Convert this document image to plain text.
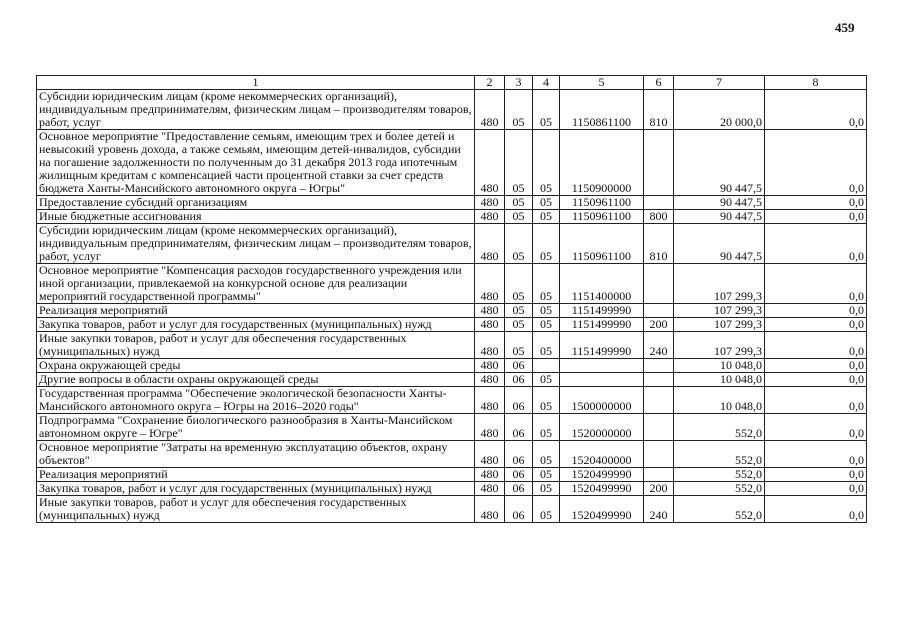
459
1	2	3	4	5	6	7	8
Субсидии юридическим лицам (кроме некоммерческих организаций), индивидуальным предпринимателям, физическим лицам – производителям товаров, работ, услуг	480	05	05	1150861100	810	20 000,0	0,0
Основное мероприятие "Предоставление семьям, имеющим трех и более детей и невысокий уровень дохода, а также семьям, имеющим детей-инвалидов, субсидии на погашение задолженности по полученным до 31 декабря 2013 года ипотечным жилищным кредитам с компенсацией части процентной ставки за счет средств бюджета Ханты-Мансийского автономного округа – Югры"	480	05	05	1150900000		90 447,5	0,0
Предоставление субсидий организациям	480	05	05	1150961100		90 447,5	0,0
Иные бюджетные ассигнования	480	05	05	1150961100	800	90 447,5	0,0
Субсидии юридическим лицам (кроме некоммерческих организаций), индивидуальным предпринимателям, физическим лицам – производителям товаров, работ, услуг	480	05	05	1150961100	810	90 447,5	0,0
Основное мероприятие "Компенсация расходов государственного учреждения или иной организации, привлекаемой на конкурсной основе для реализации мероприятий государственной программы"	480	05	05	1151400000		107 299,3	0,0
Реализация мероприятий	480	05	05	1151499990		107 299,3	0,0
Закупка товаров, работ и услуг для государственных (муниципальных) нужд	480	05	05	1151499990	200	107 299,3	0,0
Иные закупки товаров, работ и услуг для обеспечения государственных (муниципальных) нужд	480	05	05	1151499990	240	107 299,3	0,0
Охрана окружающей среды	480	06				10 048,0	0,0
Другие вопросы в области охраны окружающей среды	480	06	05			10 048,0	0,0
Государственная программа "Обеспечение экологической безопасности Ханты-Мансийского автономного округа – Югры на 2016–2020 годы"	480	06	05	1500000000		10 048,0	0,0
Подпрограмма "Сохранение биологического разнообразия в Ханты-Мансийском автономном округе – Югре"	480	06	05	1520000000		552,0	0,0
Основное мероприятие "Затраты на временную эксплуатацию объектов, охрану объектов"	480	06	05	1520400000		552,0	0,0
Реализация мероприятий	480	06	05	1520499990		552,0	0,0
Закупка товаров, работ и услуг для государственных (муниципальных) нужд	480	06	05	1520499990	200	552,0	0,0
Иные закупки товаров, работ и услуг для обеспечения государственных (муниципальных) нужд	480	06	05	1520499990	240	552,0	0,0
